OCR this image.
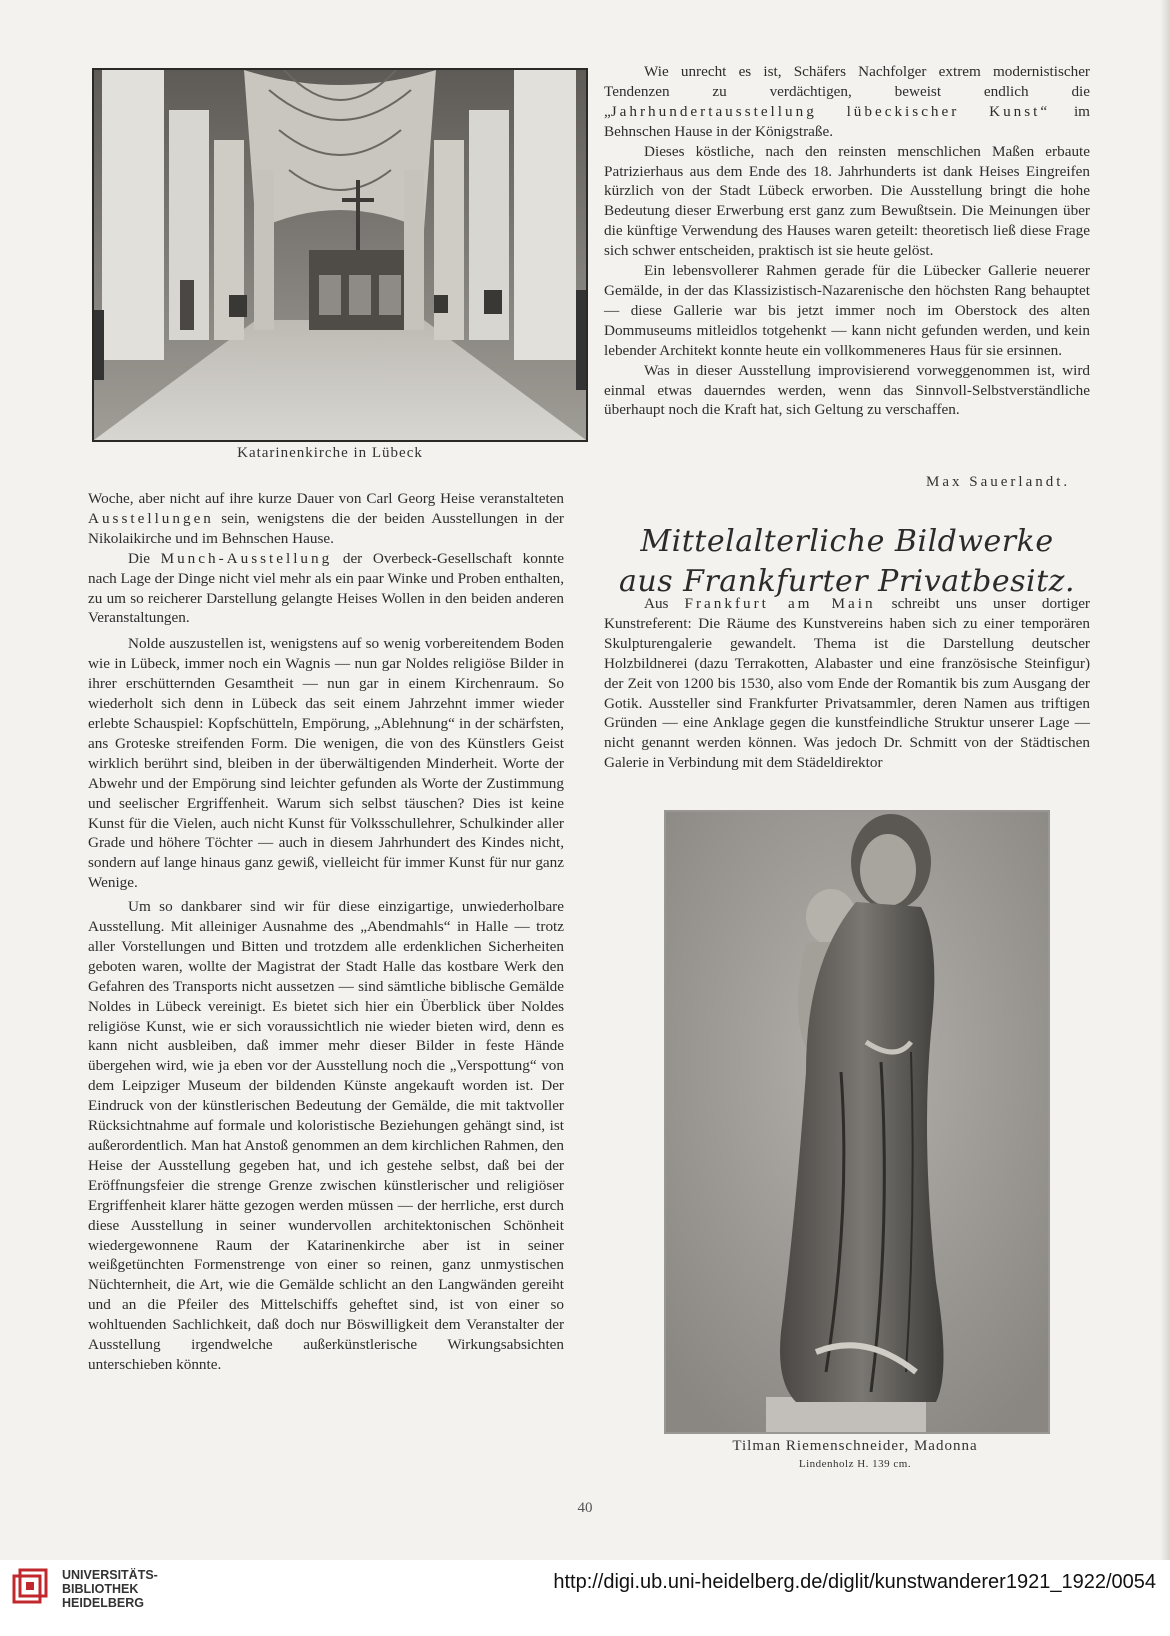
Katarinenkirche in Lübeck

Woche, aber nicht auf ihre kurze Dauer von Carl Georg Heise veranstalteten Ausstellungen sein, wenigstens die der beiden Ausstellungen in der Nikolaikirche und im Behnschen Hause.

Die Munch-Ausstellung der Overbeck-Gesellschaft konnte nach Lage der Dinge nicht viel mehr als ein paar Winke und Proben enthalten, zu um so reicherer Darstellung gelangte Heises Wollen in den beiden anderen Veranstaltungen.

Nolde auszustellen ist, wenigstens auf so wenig vorbereitendem Boden wie in Lübeck, immer noch ein Wagnis — nun gar Noldes religiöse Bilder in ihrer erschütternden Gesamtheit — nun gar in einem Kirchenraum. So wiederholt sich denn in Lübeck das seit einem Jahrzehnt immer wieder erlebte Schauspiel: Kopfschütteln, Empörung, „Ablehnung“ in der schärfsten, ans Groteske streifenden Form. Die wenigen, die von des Künstlers Geist wirklich berührt sind, bleiben in der überwältigenden Minderheit. Worte der Abwehr und der Empörung sind leichter gefunden als Worte der Zustimmung und seelischer Ergriffenheit. Warum sich selbst täuschen? Dies ist keine Kunst für die Vielen, auch nicht Kunst für Volksschullehrer, Schulkinder aller Grade und höhere Töchter — auch in diesem Jahrhundert des Kindes nicht, sondern auf lange hinaus ganz gewiß, vielleicht für immer Kunst für nur ganz Wenige.

Um so dankbarer sind wir für diese einzigartige, unwiederholbare Ausstellung. Mit alleiniger Ausnahme des „Abendmahls“ in Halle — trotz aller Vorstellungen und Bitten und trotzdem alle erdenklichen Sicherheiten geboten waren, wollte der Magistrat der Stadt Halle das kostbare Werk den Gefahren des Transports nicht aussetzen — sind sämtliche biblische Gemälde Noldes in Lübeck vereinigt. Es bietet sich hier ein Überblick über Noldes religiöse Kunst, wie er sich voraussichtlich nie wieder bieten wird, denn es kann nicht ausbleiben, daß immer mehr dieser Bilder in feste Hände übergehen wird, wie ja eben vor der Ausstellung noch die „Verspottung“ von dem Leipziger Museum der bildenden Künste angekauft worden ist. Der Eindruck von der künstlerischen Bedeutung der Gemälde, die mit taktvoller Rücksichtnahme auf formale und koloristische Beziehungen gehängt sind, ist außerordentlich. Man hat Anstoß genommen an dem kirchlichen Rahmen, den Heise der Ausstellung gegeben hat, und ich gestehe selbst, daß bei der Eröffnungsfeier die strenge Grenze zwischen künstlerischer und religiöser Ergriffenheit klarer hätte gezogen werden müssen — der herrliche, erst durch diese Ausstellung in seiner wundervollen architektonischen Schönheit wiedergewonnene Raum der Katarinenkirche aber ist in seiner weißgetünchten Formenstrenge von einer so reinen, ganz unmystischen Nüchternheit, die Art, wie die Gemälde schlicht an den Langwänden gereiht und an die Pfeiler des Mittelschiffs geheftet sind, ist von einer so wohltuenden Sachlichkeit, daß doch nur Böswilligkeit dem Veranstalter der Ausstellung irgendwelche außerkünstlerische Wirkungsabsichten unterschieben könnte.

Wie unrecht es ist, Schäfers Nachfolger extrem modernistischer Tendenzen zu verdächtigen, beweist endlich die „Jahrhundertausstellung lübeckischer Kunst“ im Behnschen Hause in der Königstraße.

Dieses köstliche, nach den reinsten menschlichen Maßen erbaute Patrizierhaus aus dem Ende des 18. Jahrhunderts ist dank Heises Eingreifen kürzlich von der Stadt Lübeck erworben. Die Ausstellung bringt die hohe Bedeutung dieser Erwerbung erst ganz zum Bewußtsein. Die Meinungen über die künftige Verwendung des Hauses waren geteilt: theoretisch ließ diese Frage sich schwer entscheiden, praktisch ist sie heute gelöst.

Ein lebensvollerer Rahmen gerade für die Lübecker Gallerie neuerer Gemälde, in der das Klassizistisch-Nazarenische den höchsten Rang behauptet — diese Gallerie war bis jetzt immer noch im Oberstock des alten Dommuseums mitleidlos totgehenkt — kann nicht gefunden werden, und kein lebender Architekt konnte heute ein vollkommeneres Haus für sie ersinnen.

Was in dieser Ausstellung improvisierend vorweggenommen ist, wird einmal etwas dauerndes werden, wenn das Sinnvoll-Selbstverständliche überhaupt noch die Kraft hat, sich Geltung zu verschaffen.

Max Sauerlandt.
Mittelalterliche Bildwerke
aus Frankfurter Privatbesitz.

Aus Frankfurt am Main schreibt uns unser dortiger Kunstreferent: Die Räume des Kunstvereins haben sich zu einer temporären Skulpturengalerie gewandelt. Thema ist die Darstellung deutscher Holzbildnerei (dazu Terrakotten, Alabaster und eine französische Steinfigur) der Zeit von 1200 bis 1530, also vom Ende der Romantik bis zum Ausgang der Gotik. Aussteller sind Frankfurter Privatsammler, deren Namen aus triftigen Gründen — eine Anklage gegen die kunstfeindliche Struktur unserer Lage — nicht genannt werden können. Was jedoch Dr. Schmitt von der Städtischen Galerie in Verbindung mit dem Städeldirektor

Tilman Riemenschneider, Madonna
Lindenholz H. 139 cm.
40
UNIVERSITÄTS-
BIBLIOTHEK
HEIDELBERG
http://digi.ub.uni-heidelberg.de/diglit/kunstwanderer1921_1922/0054
